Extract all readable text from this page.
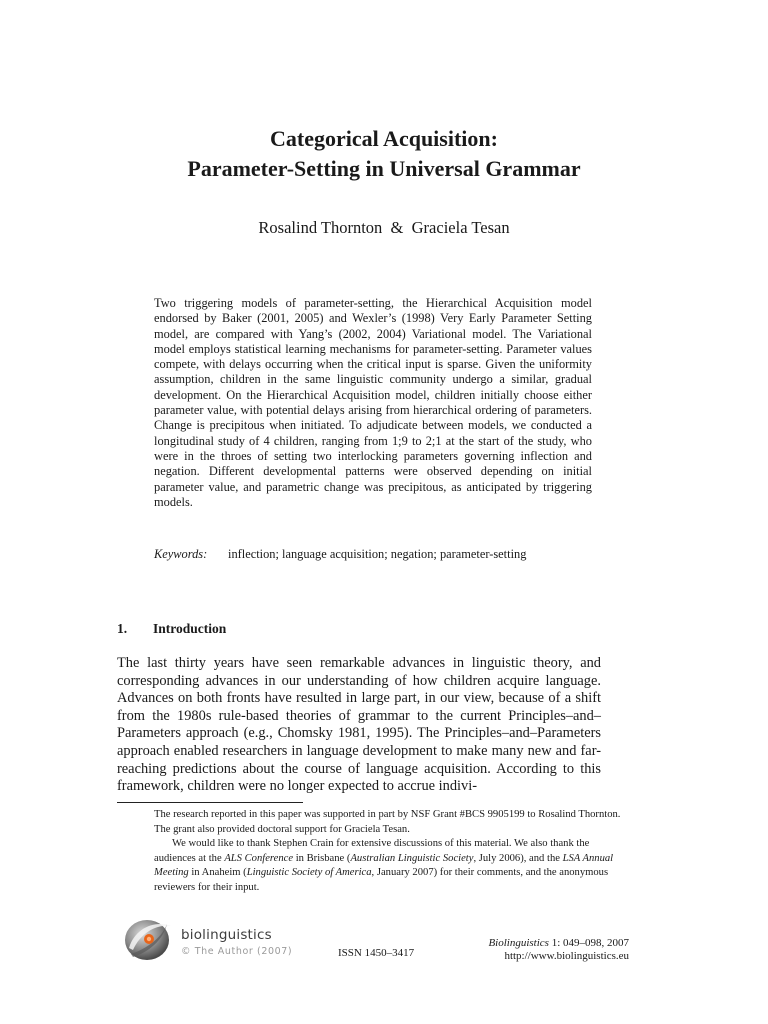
Categorical Acquisition:
Parameter-Setting in Universal Grammar
Rosalind Thornton  &  Graciela Tesan
Two triggering models of parameter-setting, the Hierarchical Acquisition model endorsed by Baker (2001, 2005) and Wexler’s (1998) Very Early Parameter Setting model, are compared with Yang’s (2002, 2004) Variational model. The Variational model employs statistical learning mechanisms for parameter-setting. Parameter values compete, with delays occurring when the critical input is sparse. Given the uniformity assumption, children in the same linguistic community undergo a similar, gradual development. On the Hierarchical Acquisition model, children initially choose either parameter value, with potential delays arising from hierarchical ordering of parameters. Change is precipitous when initiated. To adjudicate between models, we conducted a longitudinal study of 4 children, ranging from 1;9 to 2;1 at the start of the study, who were in the throes of setting two interlocking parameters governing inflection and negation. Different developmental patterns were observed depending on initial parameter value, and parametric change was precipitous, as anticipated by triggering models.
Keywords: inflection; language acquisition; negation; parameter-setting
1. Introduction
The last thirty years have seen remarkable advances in linguistic theory, and corresponding advances in our understanding of how children acquire language. Advances on both fronts have resulted in large part, in our view, because of a shift from the 1980s rule-based theories of grammar to the current Principles–and–Parameters approach (e.g., Chomsky 1981, 1995). The Principles–and–Parameters approach enabled researchers in language development to make many new and far-reaching predictions about the course of language acquisition. According to this framework, children were no longer expected to accrue indivi-

The research reported in this paper was supported in part by NSF Grant #BCS 9905199 to Rosalind Thornton. The grant also provided doctoral support for Graciela Tesan.

We would like to thank Stephen Crain for extensive discussions of this material. We also thank the audiences at the ALS Conference in Brisbane (Australian Linguistic Society, July 2006), and the LSA Annual Meeting in Anaheim (Linguistic Society of America, January 2007) for their comments, and the anonymous reviewers for their input.

biolinguistics
© The Author (2007)	ISSN 1450–3417
Biolinguistics 1: 049–098, 2007
http://www.biolinguistics.eu
